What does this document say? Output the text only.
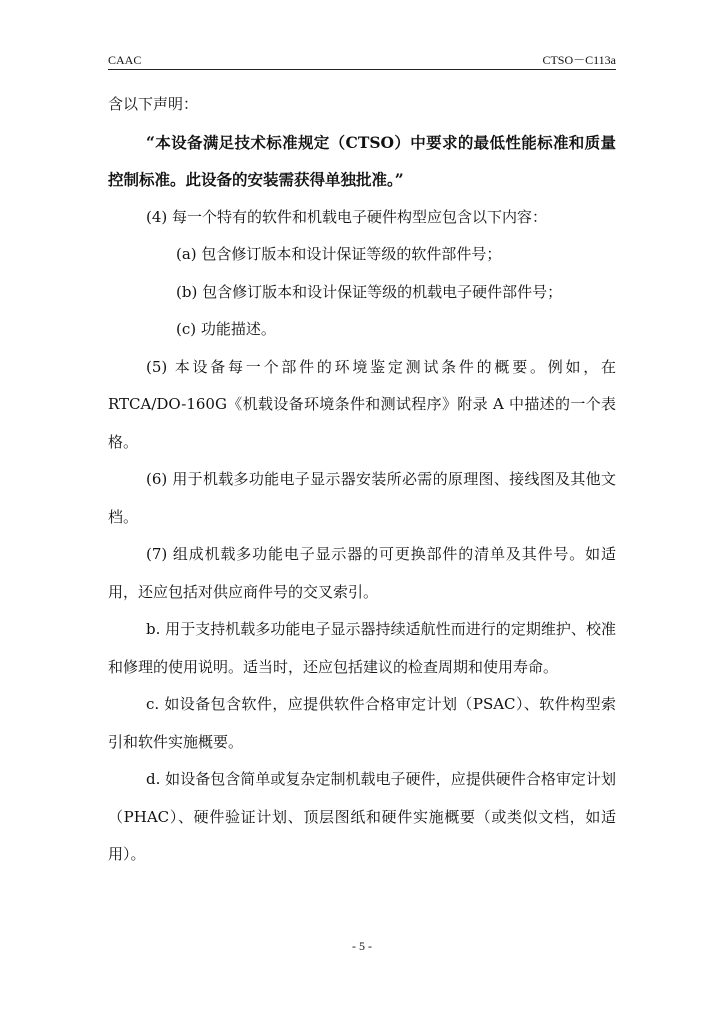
CAAC	CTSO－C113a

含以下声明：

“本设备满足技术标准规定（CTSO）中要求的最低性能标准和质量控制标准。此设备的安装需获得单独批准。”

(4) 每一个特有的软件和机载电子硬件构型应包含以下内容：

(a) 包含修订版本和设计保证等级的软件部件号；

(b) 包含修订版本和设计保证等级的机载电子硬件部件号；

(c) 功能描述。

(5) 本设备每一个部件的环境鉴定测试条件的概要。例如，在RTCA/DO-160G《机载设备环境条件和测试程序》附录 A 中描述的一个表格。

(6) 用于机载多功能电子显示器安装所必需的原理图、接线图及其他文档。

(7) 组成机载多功能电子显示器的可更换部件的清单及其件号。如适用，还应包括对供应商件号的交叉索引。

b. 用于支持机载多功能电子显示器持续适航性而进行的定期维护、校准和修理的使用说明。适当时，还应包括建议的检查周期和使用寿命。

c. 如设备包含软件，应提供软件合格审定计划（PSAC）、软件构型索引和软件实施概要。

d. 如设备包含简单或复杂定制机载电子硬件，应提供硬件合格审定计划（PHAC）、硬件验证计划、顶层图纸和硬件实施概要（或类似文档，如适用）。

- 5 -
